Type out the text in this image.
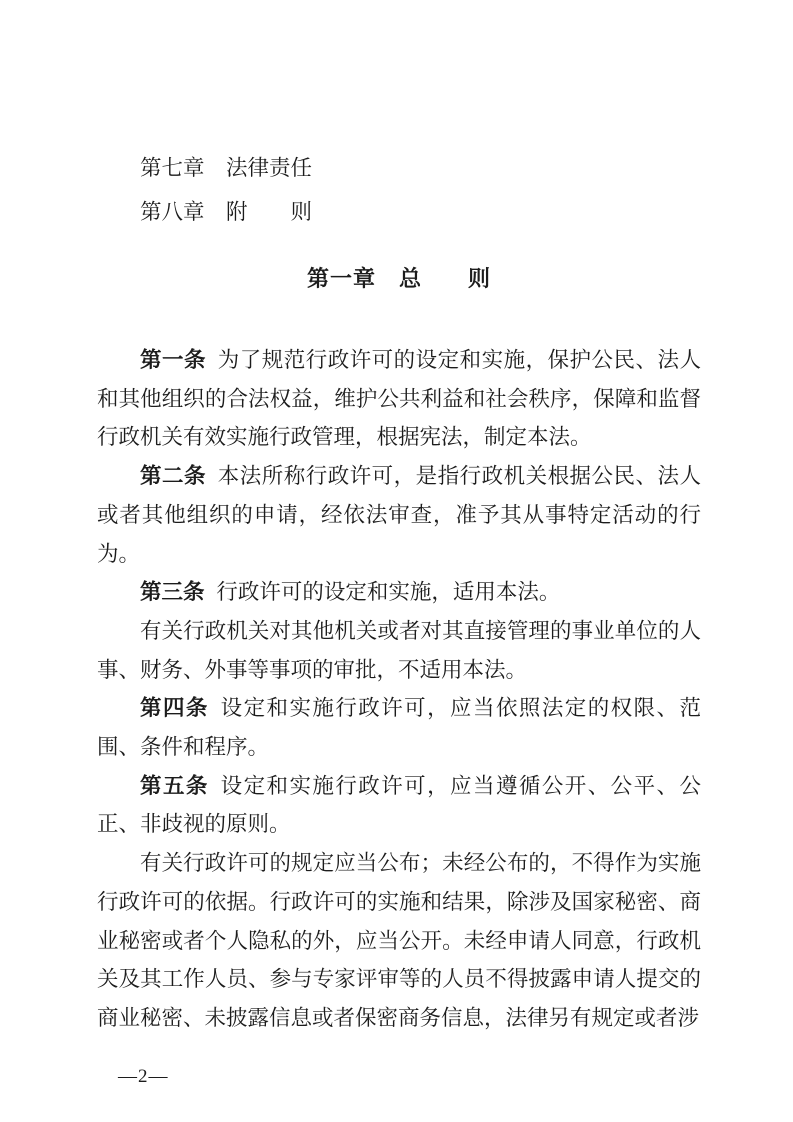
第七章 法律责任
第八章 附　　则
第一章　总　　则

第一条 为了规范行政许可的设定和实施，保护公民、法人和其他组织的合法权益，维护公共利益和社会秩序，保障和监督行政机关有效实施行政管理，根据宪法，制定本法。

第二条 本法所称行政许可，是指行政机关根据公民、法人或者其他组织的申请，经依法审查，准予其从事特定活动的行为。

第三条 行政许可的设定和实施，适用本法。

有关行政机关对其他机关或者对其直接管理的事业单位的人事、财务、外事等事项的审批，不适用本法。

第四条 设定和实施行政许可，应当依照法定的权限、范围、条件和程序。

第五条 设定和实施行政许可，应当遵循公开、公平、公正、非歧视的原则。

有关行政许可的规定应当公布；未经公布的，不得作为实施行政许可的依据。行政许可的实施和结果，除涉及国家秘密、商业秘密或者个人隐私的外，应当公开。未经申请人同意，行政机关及其工作人员、参与专家评审等的人员不得披露申请人提交的商业秘密、未披露信息或者保密商务信息，法律另有规定或者涉

—2—
